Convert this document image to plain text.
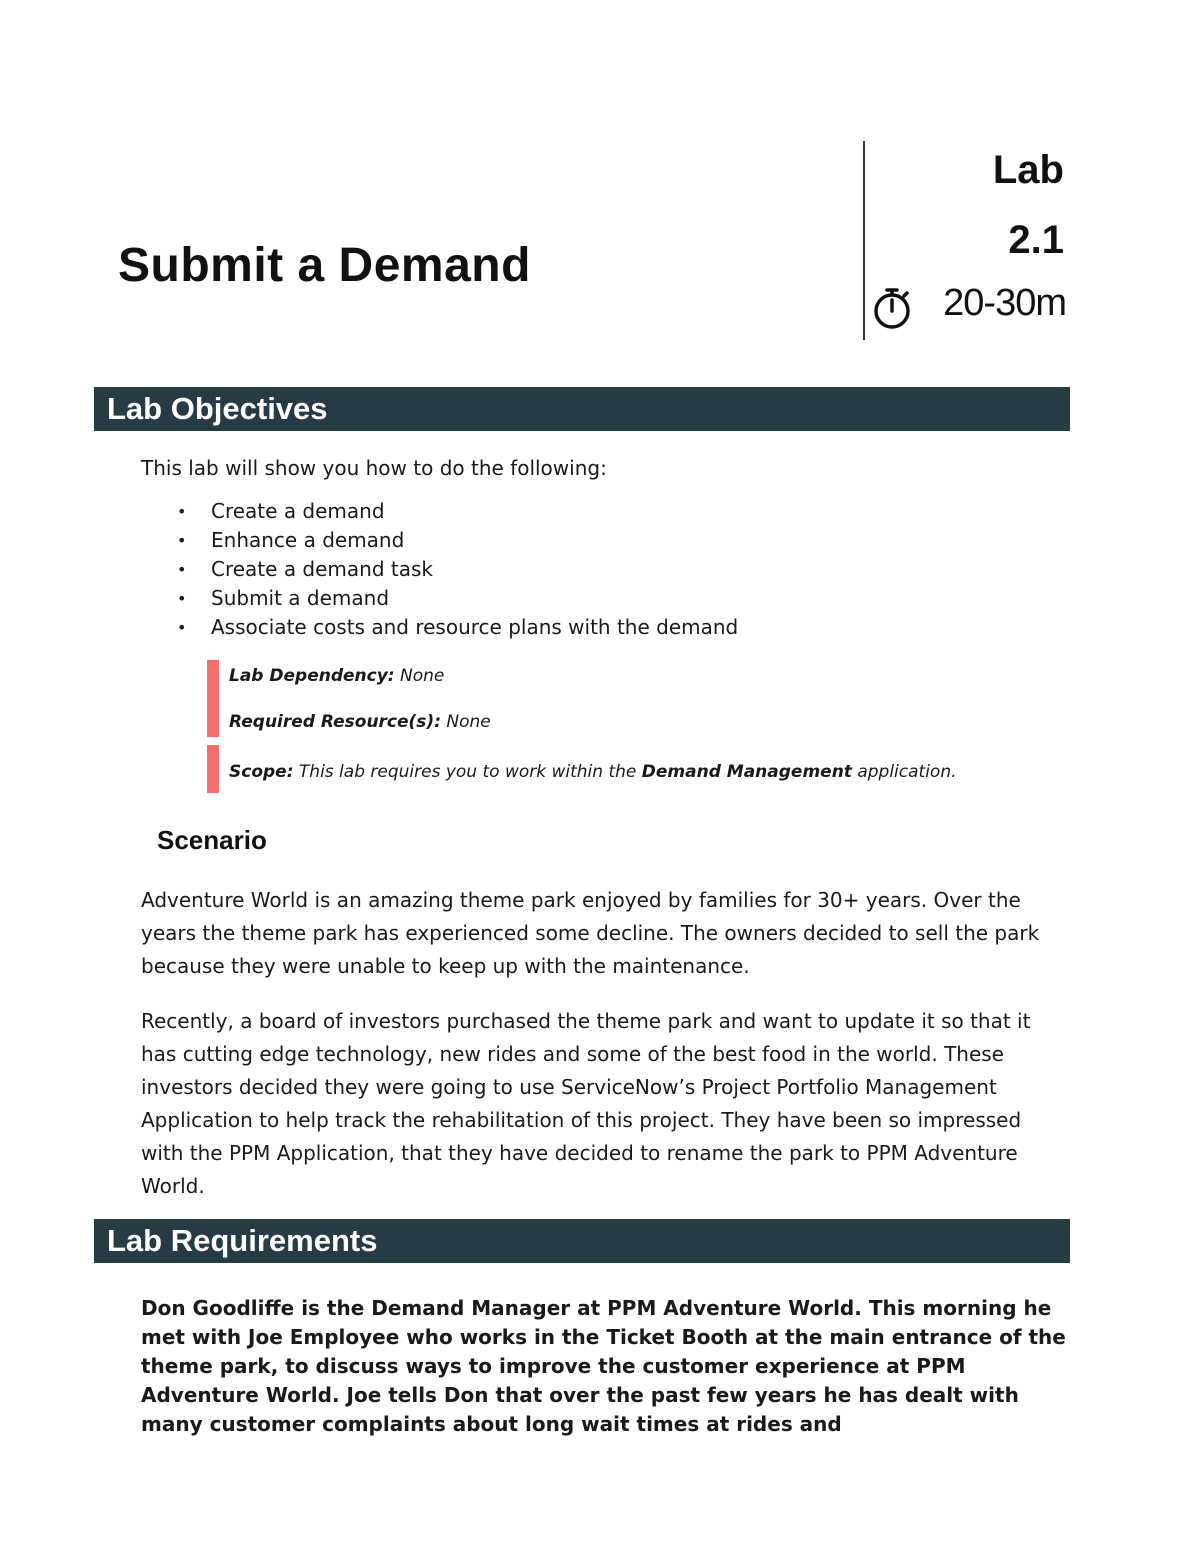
Submit a Demand
Lab
2.1
20-30m
Lab Objectives
This lab will show you how to do the following:
• Create a demand
• Enhance a demand
• Create a demand task
• Submit a demand
• Associate costs and resource plans with the demand
Lab Dependency: None
Required Resource(s): None
Scope: This lab requires you to work within the Demand Management application.
Scenario
Adventure World is an amazing theme park enjoyed by families for 30+ years. Over the years the theme park has experienced some decline. The owners decided to sell the park because they were unable to keep up with the maintenance.
Recently, a board of investors purchased the theme park and want to update it so that it has cutting edge technology, new rides and some of the best food in the world. These investors decided they were going to use ServiceNow’s Project Portfolio Management Application to help track the rehabilitation of this project. They have been so impressed with the PPM Application, that they have decided to rename the park to PPM Adventure World.
Lab Requirements
Don Goodliffe is the Demand Manager at PPM Adventure World. This morning he met with Joe Employee who works in the Ticket Booth at the main entrance of the theme park, to discuss ways to improve the customer experience at PPM Adventure World. Joe tells Don that over the past few years he has dealt with many customer complaints about long wait times at rides and
